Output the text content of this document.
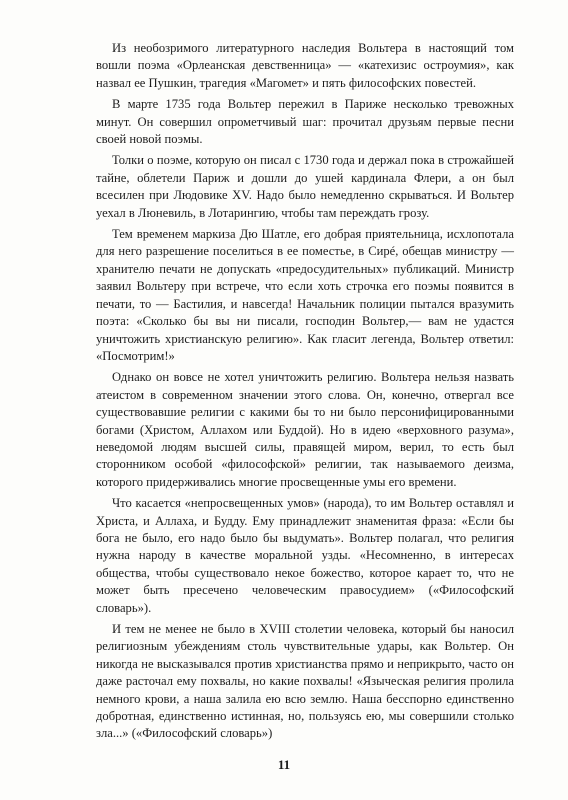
Из необозримого литературного наследия Вольтера в настоящий том вошли поэма «Орлеанская девственница» — «катехизис остроумия», как назвал ее Пушкин, трагедия «Магомет» и пять философских повестей.

В марте 1735 года Вольтер пережил в Париже несколько тревожных минут. Он совершил опрометчивый шаг: прочитал друзьям первые песни своей новой поэмы.

Толки о поэме, которую он писал с 1730 года и держал пока в строжайшей тайне, облетели Париж и дошли до ушей кардинала Флери, а он был всесилен при Людовике XV. Надо было немедленно скрываться. И Вольтер уехал в Люневиль, в Лотарингию, чтобы там переждать грозу.

Тем временем маркиза Дю Шатле, его добрая приятельница, исхлопотала для него разрешение поселиться в ее поместье, в Сирé, обещав министру — хранителю печати не допускать «предосудительных» публикаций. Министр заявил Вольтеру при встрече, что если хоть строчка его поэмы появится в печати, то — Бастилия, и навсегда! Начальник полиции пытался вразумить поэта: «Сколько бы вы ни писали, господин Вольтер,— вам не удастся уничтожить христианскую религию». Как гласит легенда, Вольтер ответил: «Посмотрим!»

Однако он вовсе не хотел уничтожить религию. Вольтера нельзя назвать атеистом в современном значении этого слова. Он, конечно, отвергал все существовавшие религии с какими бы то ни было персонифицированными богами (Христом, Аллахом или Буддой). Но в идею «верховного разума», неведомой людям высшей силы, правящей миром, верил, то есть был сторонником особой «философской» религии, так называемого деизма, которого придерживались многие просвещенные умы его времени.

Что касается «непросвещенных умов» (народа), то им Вольтер оставлял и Христа, и Аллаха, и Будду. Ему принадлежит знаменитая фраза: «Если бы бога не было, его надо было бы выдумать». Вольтер полагал, что религия нужна народу в качестве моральной узды. «Несомненно, в интересах общества, чтобы существовало некое божество, которое карает то, что не может быть пресечено человеческим правосудием» («Философский словарь»).

И тем не менее не было в XVIII столетии человека, который бы наносил религиозным убеждениям столь чувствительные удары, как Вольтер. Он никогда не высказывался против христианства прямо и неприкрыто, часто он даже расточал ему похвалы, но какие похвалы! «Языческая религия пролила немного крови, а наша залила ею всю землю. Наша бесспорно единственно добротная, единственно истинная, но, пользуясь ею, мы совершили столько зла...» («Философский словарь»)

11
